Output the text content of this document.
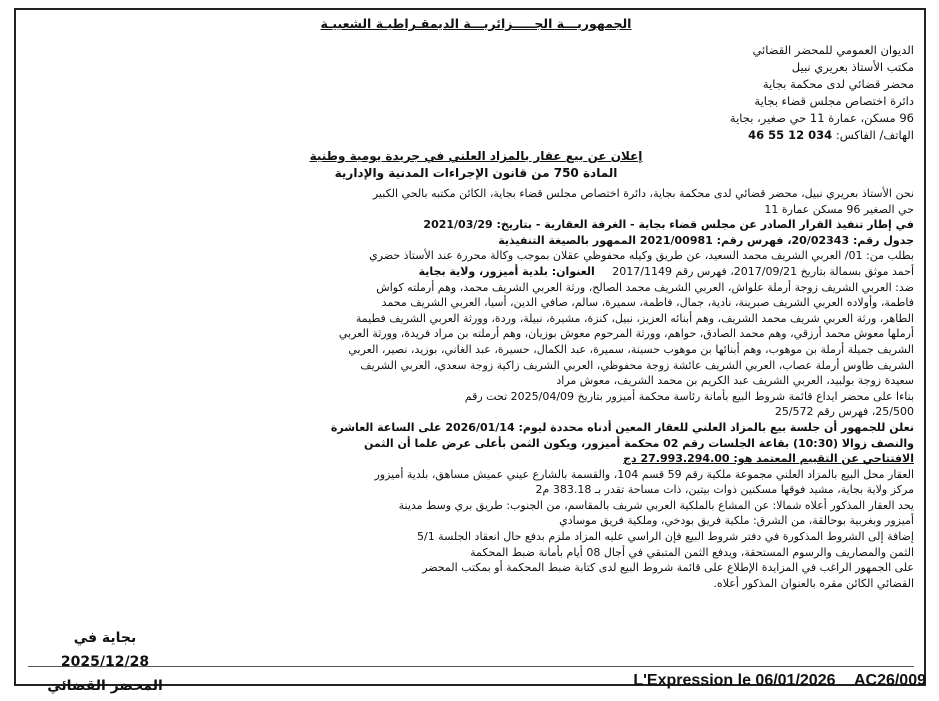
الجمهوريـــة الجـــــزائريـــة الديمقـراطيـة الشعبيـة
الديوان العمومي للمحضر القضائي
مكتب الأستاذ بعريري نبيل
محضر قضائي لدى محكمة بجاية
دائرة اختصاص مجلس قضاء بجاية
96 مسكن، عمارة 11 حي صغير، بجاية
الهاتف/ الفاكس: 034 12 55 46
إعلان عن بيع عقار بالمزاد العلني في جريدة يومية وطنية
المادة 750 من قانون الإجراءات المدنية والإدارية
نحن الأستاذ بعريري نبيل، محضر قضائي لدى محكمة بجاية، دائرة اختصاص مجلس قضاء بجاية، الكائن مكتبه بالحي الكبير
حي الصغير 96 مسكن عمارة 11
في إطار تنفيذ القرار الصادر عن مجلس قضاء بجاية - الغرفة العقارية - بتاريخ: 2021/03/29
جدول رقم: 20/02343، فهرس رقم: 2021/00981 الممهور بالصيغة التنفيذية
بطلب من: 01/ العربي الشريف محمد السعيد، عن طريق وكيله محفوظي عقلان بموجب وكالة محررة عند الأستاذ حضري
أحمد موثق بسمالة بتاريخ 2017/09/21، فهرس رقم 2017/1149     العنوان: بلدية أميزور، ولاية بجاية
ضد: العربي الشريف زوجة أرملة علواش، العربي الشريف محمد الصالح، ورثة العربي الشريف محمد، وهم أرملته كواش
فاطمة، وأولاده العربي الشريف صبرينة، نادية، جمال، فاطمة، سميرة، سالم، صافي الدين، أسيا، العربي الشريف محمد
الطاهر، ورثة العربي شريف محمد الشريف، وهم أبنائه العزيز، نبيل، كنزة، مشيرة، نبيلة، وردة، وورثة العربي الشريف فطيمة
أرملها معوش محمد أرزقي، وهم محمد الصادق، حواهم، وورثة المرحوم معوش بوزيان، وهم أرملته بن مراد فريدة، وورثة العربي
الشريف جميلة أرملة بن موهوب، وهم أبنائها بن موهوب حسينة، سميرة، عبد الكمال، حسيرة، عبد الغاني، بوزيد، نصير، العربي
الشريف طاوس أرملة عصاب، العربي الشريف عائشة زوجة محفوظي، العربي الشريف زاكية زوجة سعدي، العربي الشريف
سعيدة زوجة بولبيد، العربي الشريف عبد الكريم بن محمد الشريف، معوش مراد
بناءا على محضر ايداع قائمة شروط البيع بأمانة رئاسة محكمة أميزور بتاريخ 2025/04/09 تحت رقم
25/500، فهرس رقم 25/572
نعلن للجمهور أن جلسة بيع بالمزاد العلني للعقار المعين أدناه محددة ليوم: 2026/01/14 على الساعة العاشرة
والنصف زوالا (10:30) بقاعة الجلسات رقم 02 محكمة أميزور، ويكون الثمن بأعلى عرض علما أن الثمن
الافتتاحي عن التقييم المعتمد هو: 27.993.294.00 دج
العقار محل البيع بالمزاد العلني مجموعة ملكية رقم 59 قسم 104، والقسمة بالشارع عيني عميش مساهق، بلدية أميزور
مركز ولاية بجاية، مشيد فوقها مسكنين ذوات بيتين، ذات مساحة تقدر بـ 383.18 م2
يحد العقار المذكور أعلاه شمالا: عن المشاع بالملكية العربي شريف بالمقاسم، من الجنوب: طريق بري وسط مدينة
أميزور وبغربية بوحالقة، من الشرق: ملكية فريق بودخي، وملكية فريق موسادي
إضافة إلى الشروط المذكورة في دفتر شروط البيع فإن الراسي عليه المزاد ملزم بدفع حال انعقاد الجلسة 5/1
الثمن والمصاريف والرسوم المستحقة، ويدفع الثمن المتبقي في أجال 08 أيام بأمانة ضبط المحكمة
على الجمهور الراغب في المزايدة الإطلاع على قائمة شروط البيع لدى كتابة ضبط المحكمة أو بمكتب المحضر
القضائي الكائن مقره بالعنوان المذكور أعلاه.
بجاية في 2025/12/28
المحضر القضائي	L'Expression le 06/01/2026 AC26/009
